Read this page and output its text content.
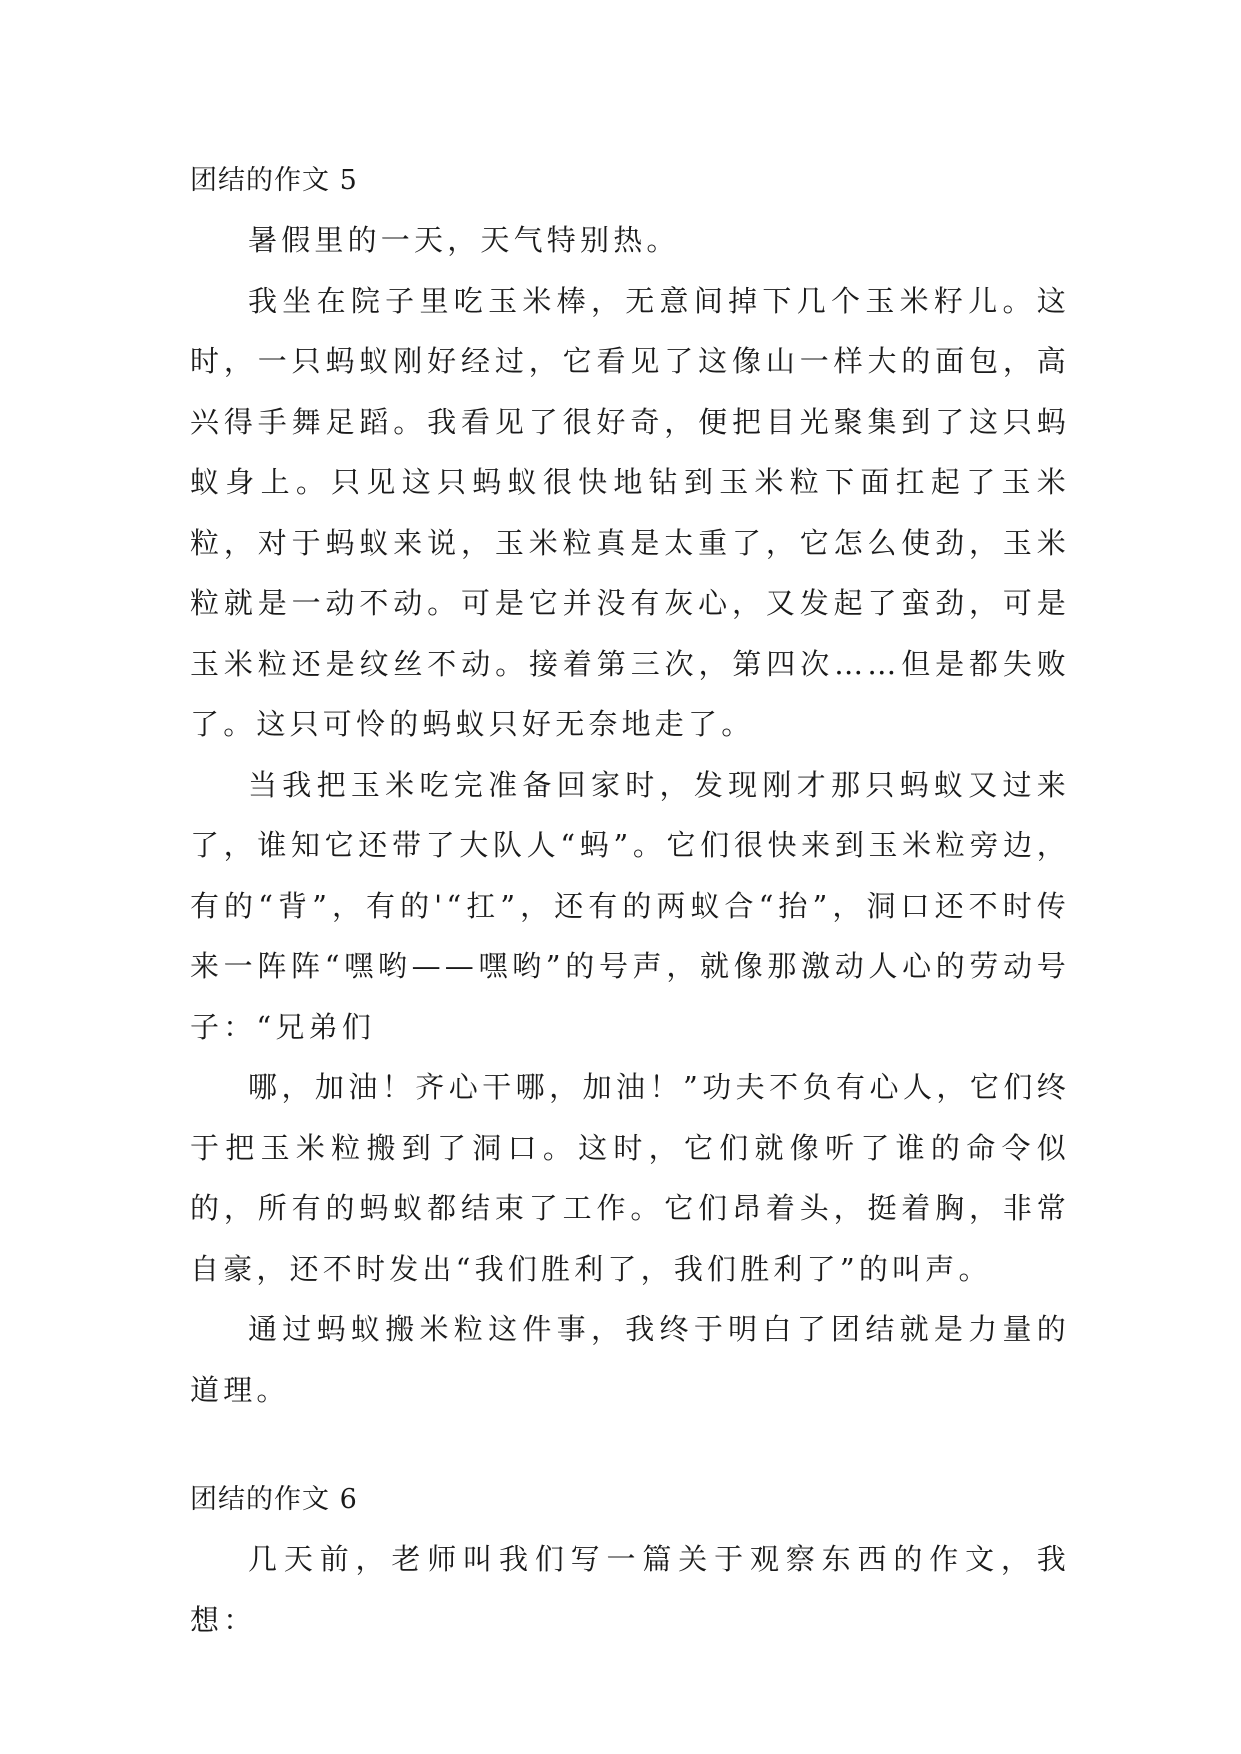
团结的作文 5

暑假里的一天，天气特别热。

我坐在院子里吃玉米棒，无意间掉下几个玉米籽儿。这时，一只蚂蚁刚好经过，它看见了这像山一样大的面包，高兴得手舞足蹈。我看见了很好奇，便把目光聚集到了这只蚂蚁身上。只见这只蚂蚁很快地钻到玉米粒下面扛起了玉米粒，对于蚂蚁来说，玉米粒真是太重了，它怎么使劲，玉米粒就是一动不动。可是它并没有灰心，又发起了蛮劲，可是玉米粒还是纹丝不动。接着第三次，第四次……但是都失败了。这只可怜的蚂蚁只好无奈地走了。

当我把玉米吃完准备回家时，发现刚才那只蚂蚁又过来了，谁知它还带了大队人“蚂”。它们很快来到玉米粒旁边，有的“背”，有的'“扛”，还有的两蚁合“抬”，洞口还不时传来一阵阵“嘿哟——嘿哟”的号声，就像那激动人心的劳动号子：“兄弟们

哪，加油！齐心干哪，加油！”功夫不负有心人，它们终于把玉米粒搬到了洞口。这时，它们就像听了谁的命令似的，所有的蚂蚁都结束了工作。它们昂着头，挺着胸，非常自豪，还不时发出“我们胜利了，我们胜利了”的叫声。

通过蚂蚁搬米粒这件事，我终于明白了团结就是力量的道理。

团结的作文 6

几天前，老师叫我们写一篇关于观察东西的作文，我想：
